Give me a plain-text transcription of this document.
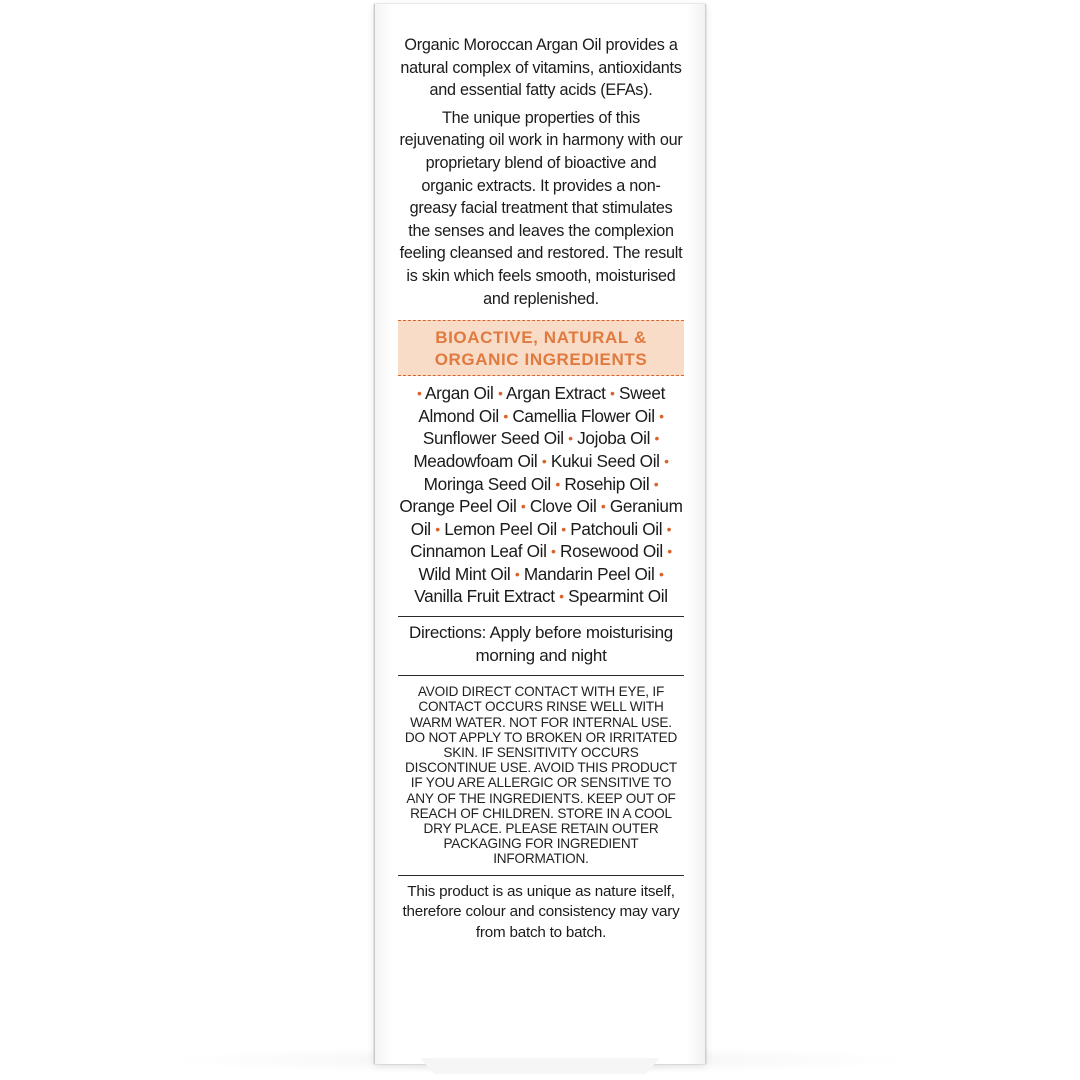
Organic Moroccan Argan Oil provides a natural complex of vitamins, antioxidants and essential fatty acids (EFAs).

The unique properties of this rejuvenating oil work in harmony with our proprietary blend of bioactive and organic extracts. It provides a non-greasy facial treatment that stimulates the senses and leaves the complexion feeling cleansed and restored. The result is skin which feels smooth, moisturised and replenished.

BIOACTIVE, NATURAL &
ORGANIC INGREDIENTS
• Argan Oil • Argan Extract • Sweet Almond Oil • Camellia Flower Oil • Sunflower Seed Oil • Jojoba Oil • Meadowfoam Oil • Kukui Seed Oil • Moringa Seed Oil • Rosehip Oil • Orange Peel Oil • Clove Oil • Geranium Oil • Lemon Peel Oil • Patchouli Oil • Cinnamon Leaf Oil • Rosewood Oil • Wild Mint Oil • Mandarin Peel Oil • Vanilla Fruit Extract • Spearmint Oil
Directions: Apply before moisturising morning and night
AVOID DIRECT CONTACT WITH EYE, IF CONTACT OCCURS RINSE WELL WITH WARM WATER. NOT FOR INTERNAL USE. DO NOT APPLY TO BROKEN OR IRRITATED SKIN. IF SENSITIVITY OCCURS DISCONTINUE USE. AVOID THIS PRODUCT IF YOU ARE ALLERGIC OR SENSITIVE TO ANY OF THE INGREDIENTS. KEEP OUT OF REACH OF CHILDREN. STORE IN A COOL DRY PLACE. PLEASE RETAIN OUTER PACKAGING FOR INGREDIENT INFORMATION.
This product is as unique as nature itself, therefore colour and consistency may vary from batch to batch.
